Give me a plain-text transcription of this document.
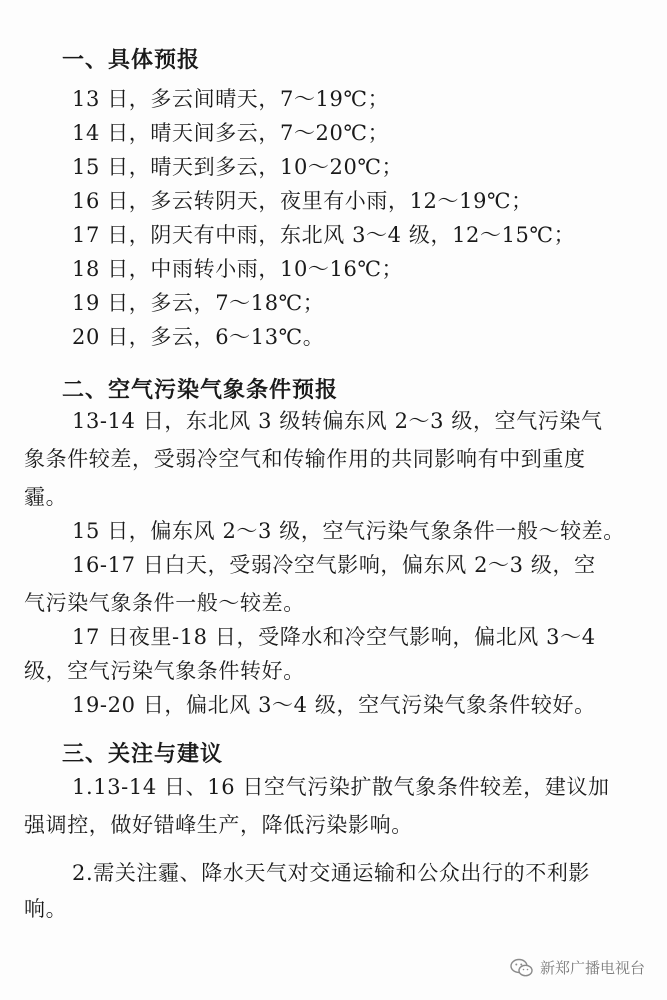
一、具体预报
13 日，多云间晴天，7～19℃；
14 日，晴天间多云，7～20℃；
15 日，晴天到多云，10～20℃；
16 日，多云转阴天，夜里有小雨，12～19℃；
17 日，阴天有中雨，东北风 3～4 级，12～15℃；
18 日，中雨转小雨，10～16℃；
19 日，多云，7～18℃；
20 日，多云，6～13℃。
二、空气污染气象条件预报
13-14 日，东北风 3 级转偏东风 2～3 级，空气污染气
象条件较差，受弱冷空气和传输作用的共同影响有中到重度
霾。
15 日，偏东风 2～3 级，空气污染气象条件一般～较差。
16-17 日白天，受弱冷空气影响，偏东风 2～3 级，空
气污染气象条件一般～较差。
17 日夜里-18 日，受降水和冷空气影响，偏北风 3～4
级，空气污染气象条件转好。
19-20 日，偏北风 3～4 级，空气污染气象条件较好。
三、关注与建议
1.13-14 日、16 日空气污染扩散气象条件较差，建议加
强调控，做好错峰生产，降低污染影响。
2.需关注霾、降水天气对交通运输和公众出行的不利影
响。
新郑广播电视台
